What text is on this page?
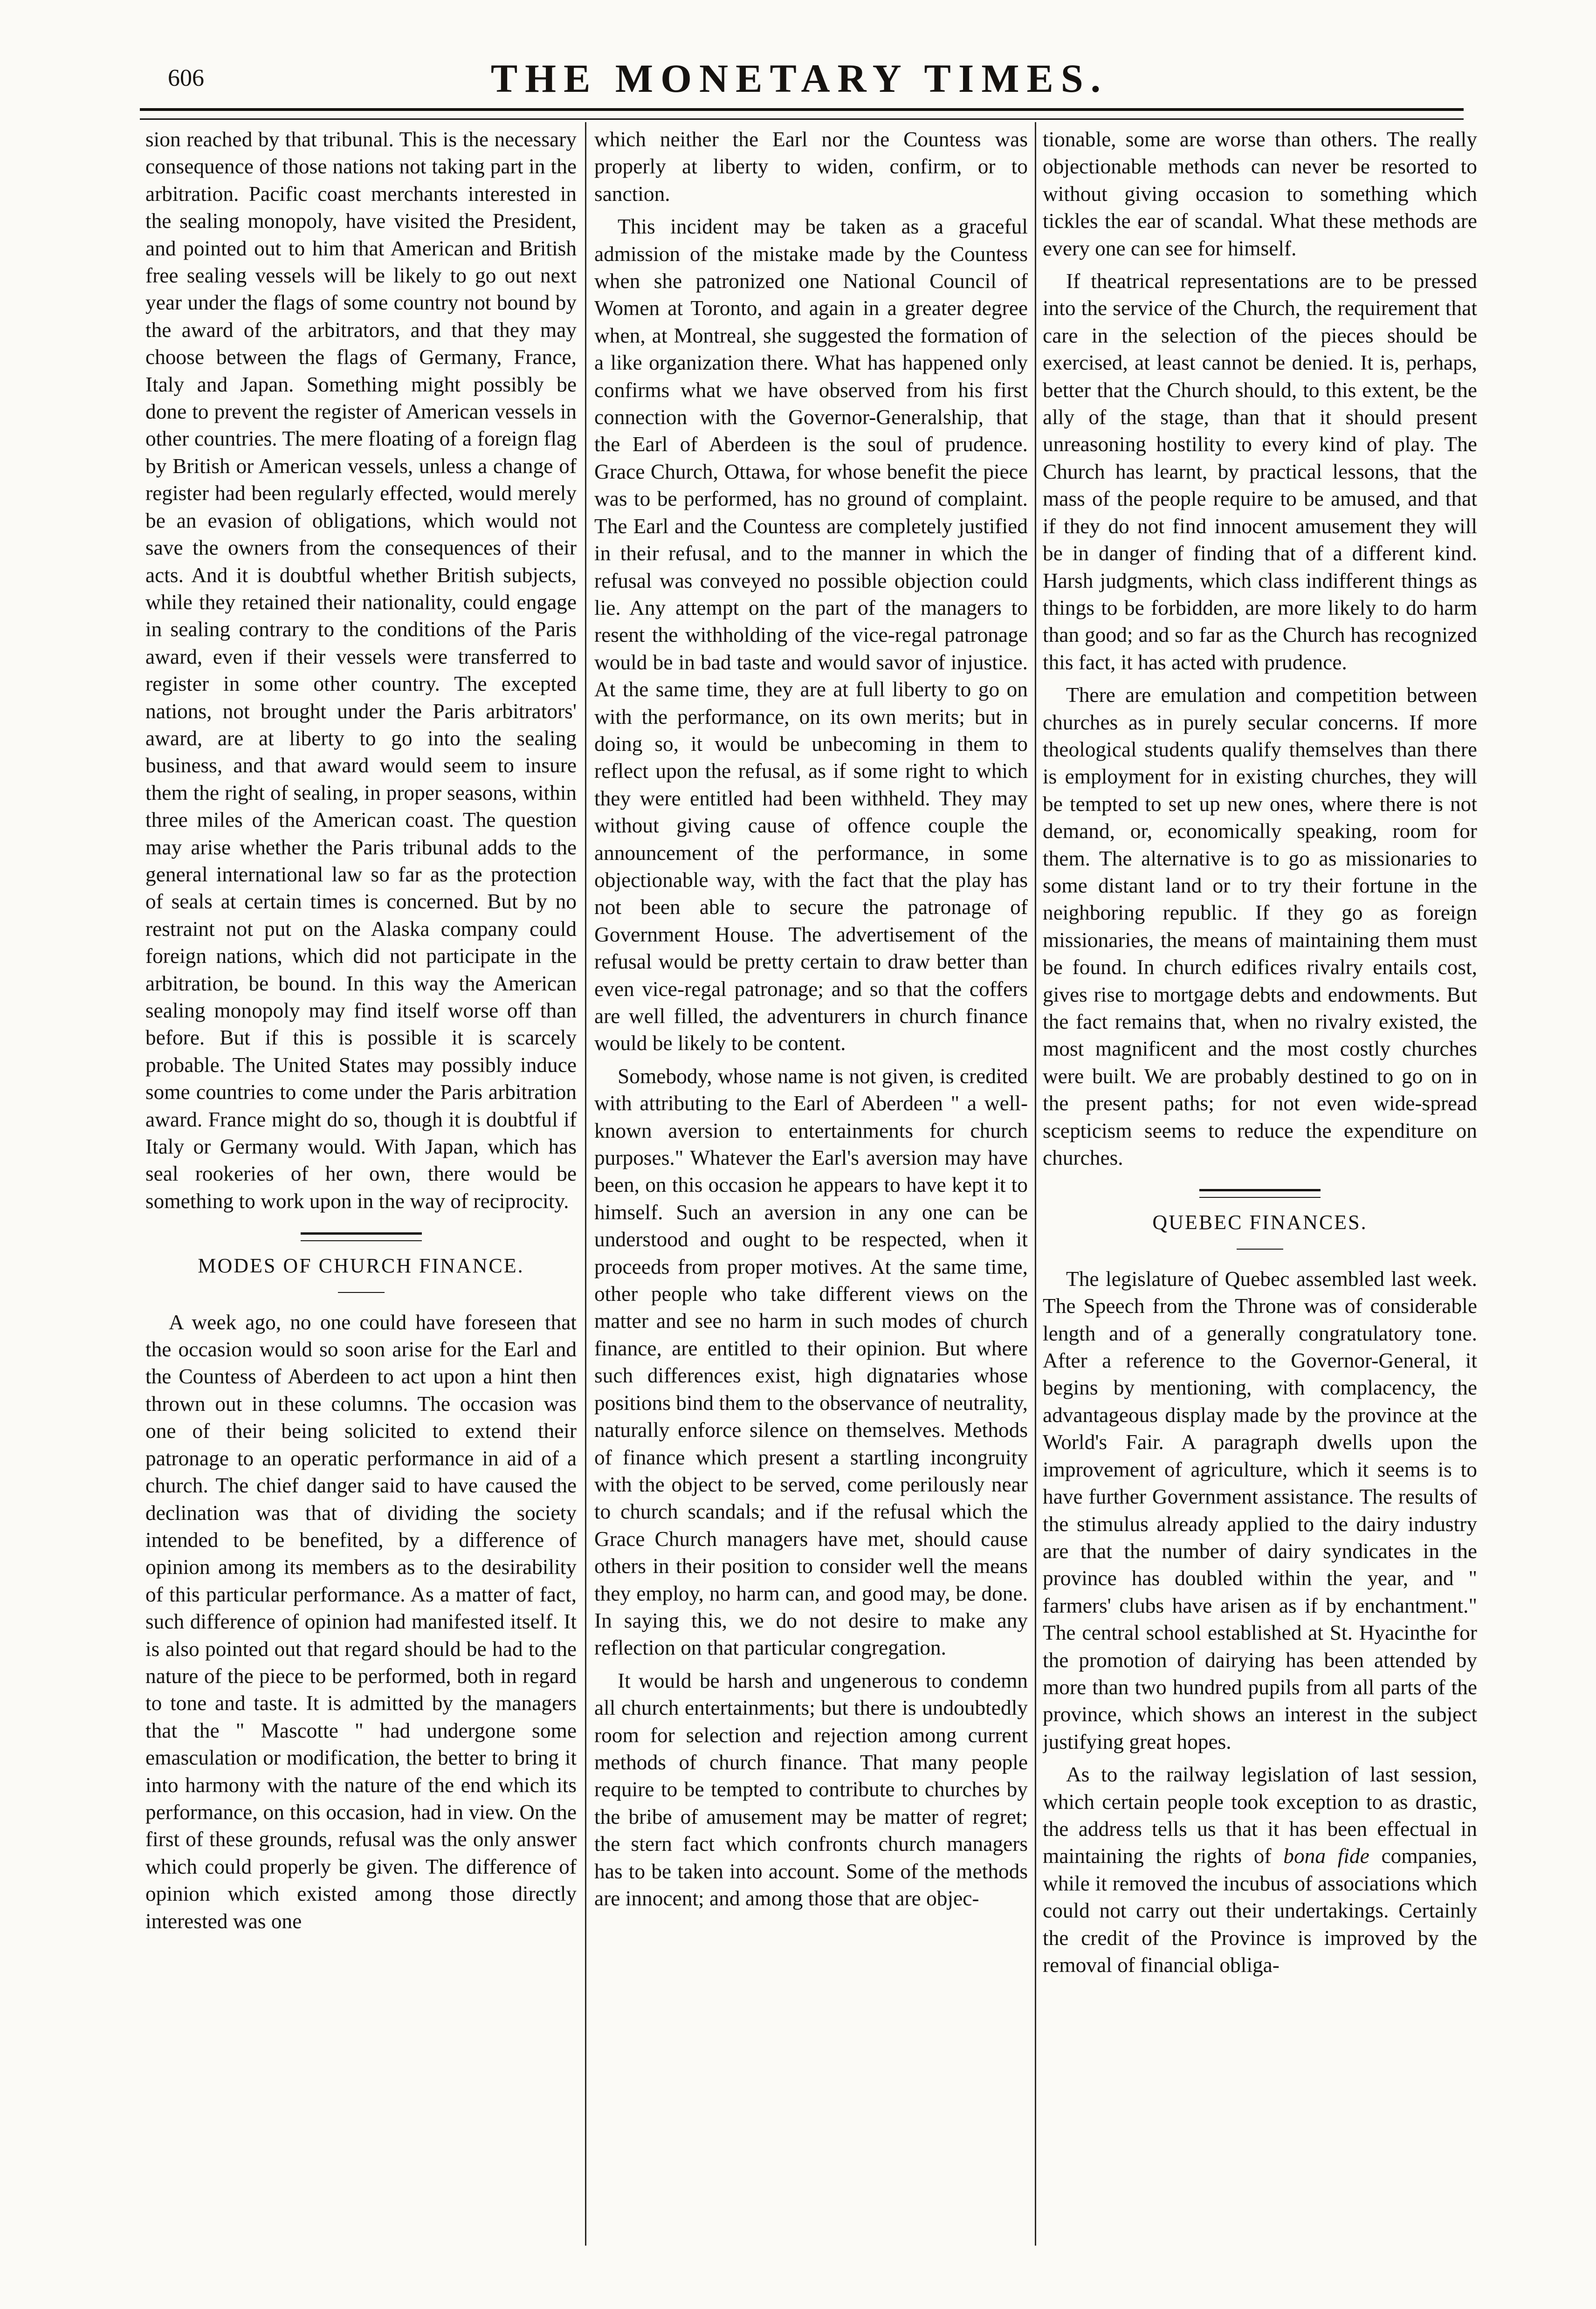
606	THE MONETARY TIMES.

sion reached by that tribunal. This is the necessary consequence of those nations not taking part in the arbitration. Pacific coast merchants interested in the sealing monopoly, have visited the President, and pointed out to him that American and British free sealing vessels will be likely to go out next year under the flags of some country not bound by the award of the arbitrators, and that they may choose between the flags of Germany, France, Italy and Japan. Something might possibly be done to prevent the register of American vessels in other countries. The mere floating of a foreign flag by British or American vessels, unless a change of register had been regularly effected, would merely be an evasion of obligations, which would not save the owners from the consequences of their acts. And it is doubtful whether British subjects, while they retained their nationality, could engage in sealing contrary to the conditions of the Paris award, even if their vessels were transferred to register in some other country. The excepted nations, not brought under the Paris arbitrators' award, are at liberty to go into the sealing business, and that award would seem to insure them the right of sealing, in proper seasons, within three miles of the American coast. The question may arise whether the Paris tribunal adds to the general international law so far as the protection of seals at certain times is concerned. But by no restraint not put on the Alaska company could foreign nations, which did not participate in the arbitration, be bound. In this way the American sealing monopoly may find itself worse off than before. But if this is possible it is scarcely probable. The United States may possibly induce some countries to come under the Paris arbitration award. France might do so, though it is doubtful if Italy or Germany would. With Japan, which has seal rookeries of her own, there would be something to work upon in the way of reciprocity.

MODES OF CHURCH FINANCE.

A week ago, no one could have foreseen that the occasion would so soon arise for the Earl and the Countess of Aberdeen to act upon a hint then thrown out in these columns. The occasion was one of their being solicited to extend their patronage to an operatic performance in aid of a church. The chief danger said to have caused the declination was that of dividing the society intended to be benefited, by a difference of opinion among its members as to the desirability of this particular performance. As a matter of fact, such difference of opinion had manifested itself. It is also pointed out that regard should be had to the nature of the piece to be performed, both in regard to tone and taste. It is admitted by the managers that the " Mascotte " had undergone some emasculation or modification, the better to bring it into harmony with the nature of the end which its performance, on this occasion, had in view. On the first of these grounds, refusal was the only answer which could properly be given. The difference of opinion which existed among those directly interested was one

which neither the Earl nor the Countess was properly at liberty to widen, confirm, or to sanction.

This incident may be taken as a graceful admission of the mistake made by the Countess when she patronized one National Council of Women at Toronto, and again in a greater degree when, at Montreal, she suggested the formation of a like organization there. What has happened only confirms what we have observed from his first connection with the Governor-Generalship, that the Earl of Aberdeen is the soul of prudence. Grace Church, Ottawa, for whose benefit the piece was to be performed, has no ground of complaint. The Earl and the Countess are completely justified in their refusal, and to the manner in which the refusal was conveyed no possible objection could lie. Any attempt on the part of the managers to resent the withholding of the vice-regal patronage would be in bad taste and would savor of injustice. At the same time, they are at full liberty to go on with the performance, on its own merits; but in doing so, it would be unbecoming in them to reflect upon the refusal, as if some right to which they were entitled had been withheld. They may without giving cause of offence couple the announcement of the performance, in some objectionable way, with the fact that the play has not been able to secure the patronage of Government House. The advertisement of the refusal would be pretty certain to draw better than even vice-regal patronage; and so that the coffers are well filled, the adventurers in church finance would be likely to be content.

Somebody, whose name is not given, is credited with attributing to the Earl of Aberdeen " a well-known aversion to entertainments for church purposes." Whatever the Earl's aversion may have been, on this occasion he appears to have kept it to himself. Such an aversion in any one can be understood and ought to be respected, when it proceeds from proper motives. At the same time, other people who take different views on the matter and see no harm in such modes of church finance, are entitled to their opinion. But where such differences exist, high dignataries whose positions bind them to the observance of neutrality, naturally enforce silence on themselves. Methods of finance which present a startling incongruity with the object to be served, come perilously near to church scandals; and if the refusal which the Grace Church managers have met, should cause others in their position to consider well the means they employ, no harm can, and good may, be done. In saying this, we do not desire to make any reflection on that particular congregation.

It would be harsh and ungenerous to condemn all church entertainments; but there is undoubtedly room for selection and rejection among current methods of church finance. That many people require to be tempted to contribute to churches by the bribe of amusement may be matter of regret; the stern fact which confronts church managers has to be taken into account. Some of the methods are innocent; and among those that are objec-

tionable, some are worse than others. The really objectionable methods can never be resorted to without giving occasion to something which tickles the ear of scandal. What these methods are every one can see for himself.

If theatrical representations are to be pressed into the service of the Church, the requirement that care in the selection of the pieces should be exercised, at least cannot be denied. It is, perhaps, better that the Church should, to this extent, be the ally of the stage, than that it should present unreasoning hostility to every kind of play. The Church has learnt, by practical lessons, that the mass of the people require to be amused, and that if they do not find innocent amusement they will be in danger of finding that of a different kind. Harsh judgments, which class indifferent things as things to be forbidden, are more likely to do harm than good; and so far as the Church has recognized this fact, it has acted with prudence.

There are emulation and competition between churches as in purely secular concerns. If more theological students qualify themselves than there is employment for in existing churches, they will be tempted to set up new ones, where there is not demand, or, economically speaking, room for them. The alternative is to go as missionaries to some distant land or to try their fortune in the neighboring republic. If they go as foreign missionaries, the means of maintaining them must be found. In church edifices rivalry entails cost, gives rise to mortgage debts and endowments. But the fact remains that, when no rivalry existed, the most magnificent and the most costly churches were built. We are probably destined to go on in the present paths; for not even wide-spread scepticism seems to reduce the expenditure on churches.

QUEBEC FINANCES.

The legislature of Quebec assembled last week. The Speech from the Throne was of considerable length and of a generally congratulatory tone. After a reference to the Governor-General, it begins by mentioning, with complacency, the advantageous display made by the province at the World's Fair. A paragraph dwells upon the improvement of agriculture, which it seems is to have further Government assistance. The results of the stimulus already applied to the dairy industry are that the number of dairy syndicates in the province has doubled within the year, and " farmers' clubs have arisen as if by enchantment." The central school established at St. Hyacinthe for the promotion of dairying has been attended by more than two hundred pupils from all parts of the province, which shows an interest in the subject justifying great hopes.

As to the railway legislation of last session, which certain people took exception to as drastic, the address tells us that it has been effectual in maintaining the rights of bona fide companies, while it removed the incubus of associations which could not carry out their undertakings. Certainly the credit of the Province is improved by the removal of financial obliga-
